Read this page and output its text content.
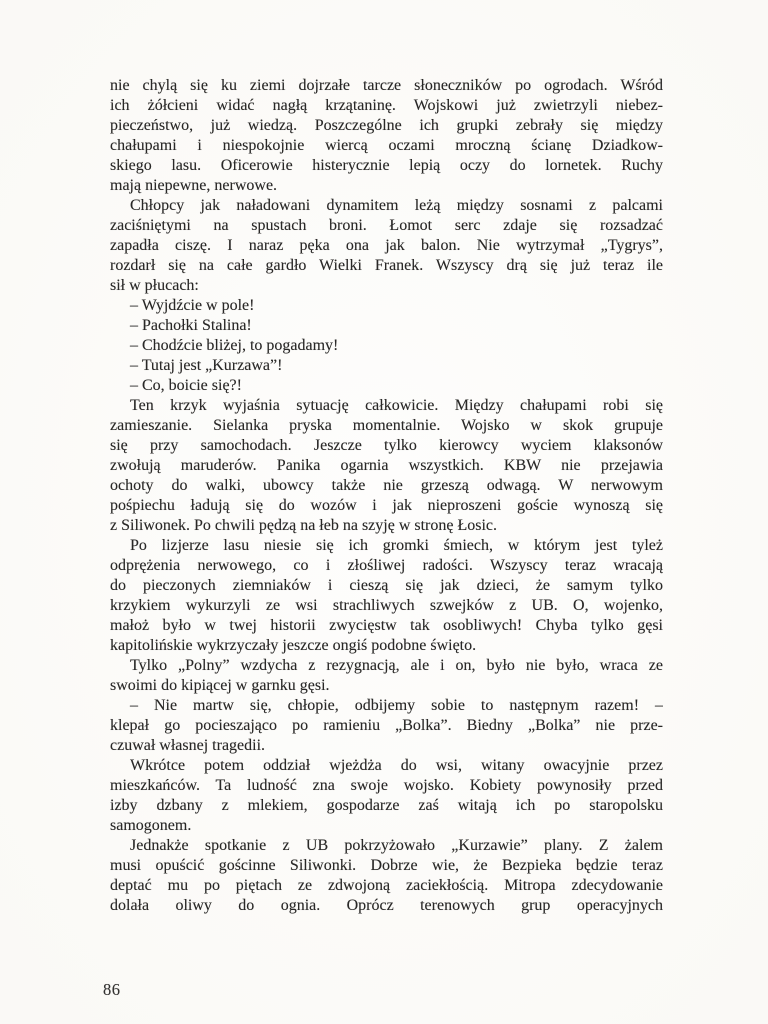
nie chylą się ku ziemi dojrzałe tarcze słoneczników po ogrodach. Wśród
ich żółcieni widać nagłą krzątaninę. Wojskowi już zwietrzyli niebez-
pieczeństwo, już wiedzą. Poszczególne ich grupki zebrały się między
chałupami i niespokojnie wiercą oczami mroczną ścianę Dziadkow-
skiego lasu. Oficerowie histerycznie lepią oczy do lornetek. Ruchy
mają niepewne, nerwowe.
Chłopcy jak naładowani dynamitem leżą między sosnami z palcami
zaciśniętymi na spustach broni. Łomot serc zdaje się rozsadzać
zapadła ciszę. I naraz pęka ona jak balon. Nie wytrzymał „Tygrys”,
rozdarł się na całe gardło Wielki Franek. Wszyscy drą się już teraz ile
sił w płucach:
– Wyjdźcie w pole!
– Pachołki Stalina!
– Chodźcie bliżej, to pogadamy!
– Tutaj jest „Kurzawa”!
– Co, boicie się?!
Ten krzyk wyjaśnia sytuację całkowicie. Między chałupami robi się
zamieszanie. Sielanka pryska momentalnie. Wojsko w skok grupuje
się przy samochodach. Jeszcze tylko kierowcy wyciem klaksonów
zwołują maruderów. Panika ogarnia wszystkich. KBW nie przejawia
ochoty do walki, ubowcy także nie grzeszą odwagą. W nerwowym
pośpiechu ładują się do wozów i jak nieproszeni goście wynoszą się
z Siliwonek. Po chwili pędzą na łeb na szyję w stronę Łosic.
Po lizjerze lasu niesie się ich gromki śmiech, w którym jest tyleż
odprężenia nerwowego, co i złośliwej radości. Wszyscy teraz wracają
do pieczonych ziemniaków i cieszą się jak dzieci, że samym tylko
krzykiem wykurzyli ze wsi strachliwych szwejków z UB. O, wojenko,
małoż było w twej historii zwycięstw tak osobliwych! Chyba tylko gęsi
kapitolińskie wykrzyczały jeszcze ongiś podobne święto.
Tylko „Polny” wzdycha z rezygnacją, ale i on, było nie było, wraca ze
swoimi do kipiącej w garnku gęsi.
– Nie martw się, chłopie, odbijemy sobie to następnym razem! –
klepał go pocieszająco po ramieniu „Bolka”. Biedny „Bolka” nie prze-
czuwał własnej tragedii.
Wkrótce potem oddział wjeżdża do wsi, witany owacyjnie przez
mieszkańców. Ta ludność zna swoje wojsko. Kobiety powynosiły przed
izby dzbany z mlekiem, gospodarze zaś witają ich po staropolsku
samogonem.
Jednakże spotkanie z UB pokrzyżowało „Kurzawie” plany. Z żalem
musi opuścić gościnne Siliwonki. Dobrze wie, że Bezpieka będzie teraz
deptać mu po piętach ze zdwojoną zaciekłością. Mitropa zdecydowanie
dolała oliwy do ognia. Oprócz terenowych grup operacyjnych
86
